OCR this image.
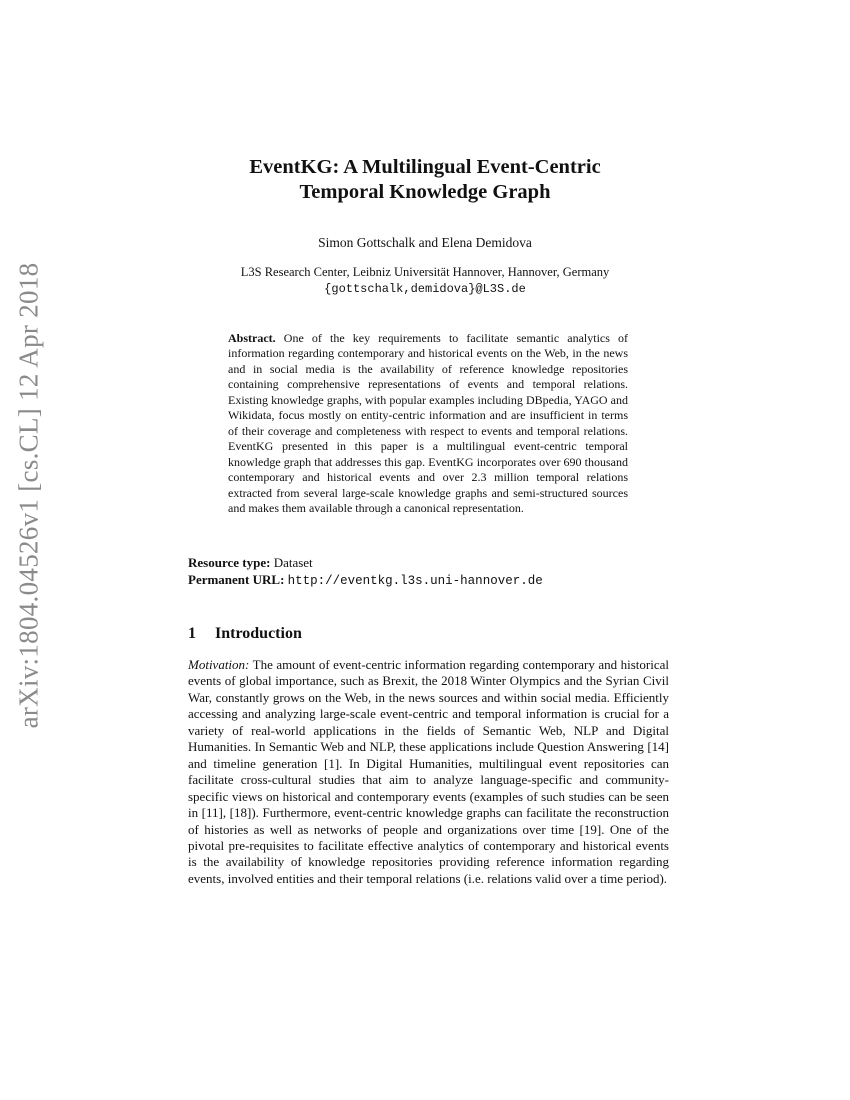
arXiv:1804.04526v1 [cs.CL] 12 Apr 2018
EventKG: A Multilingual Event-Centric
Temporal Knowledge Graph
Simon Gottschalk and Elena Demidova
L3S Research Center, Leibniz Universität Hannover, Hannover, Germany
{gottschalk,demidova}@L3S.de

Abstract. One of the key requirements to facilitate semantic analytics of information regarding contemporary and historical events on the Web, in the news and in social media is the availability of reference knowledge repositories containing comprehensive representations of events and temporal relations. Existing knowledge graphs, with popular examples including DBpedia, YAGO and Wikidata, focus mostly on entity-centric information and are insufficient in terms of their coverage and completeness with respect to events and temporal relations. EventKG presented in this paper is a multilingual event-centric temporal knowledge graph that addresses this gap. EventKG incorporates over 690 thousand contemporary and historical events and over 2.3 million temporal relations extracted from several large-scale knowledge graphs and semi-structured sources and makes them available through a canonical representation.

Resource type: Dataset
Permanent URL: http://eventkg.l3s.uni-hannover.de
1 Introduction

Motivation: The amount of event-centric information regarding contemporary and historical events of global importance, such as Brexit, the 2018 Winter Olympics and the Syrian Civil War, constantly grows on the Web, in the news sources and within social media. Efficiently accessing and analyzing large-scale event-centric and temporal information is crucial for a variety of real-world applications in the fields of Semantic Web, NLP and Digital Humanities. In Semantic Web and NLP, these applications include Question Answering [14] and timeline generation [1]. In Digital Humanities, multilingual event repositories can facilitate cross-cultural studies that aim to analyze language-specific and community-specific views on historical and contemporary events (examples of such studies can be seen in [11], [18]). Furthermore, event-centric knowledge graphs can facilitate the reconstruction of histories as well as networks of people and organizations over time [19]. One of the pivotal pre-requisites to facilitate effective analytics of contemporary and historical events is the availability of knowledge repositories providing reference information regarding events, involved entities and their temporal relations (i.e. relations valid over a time period).
